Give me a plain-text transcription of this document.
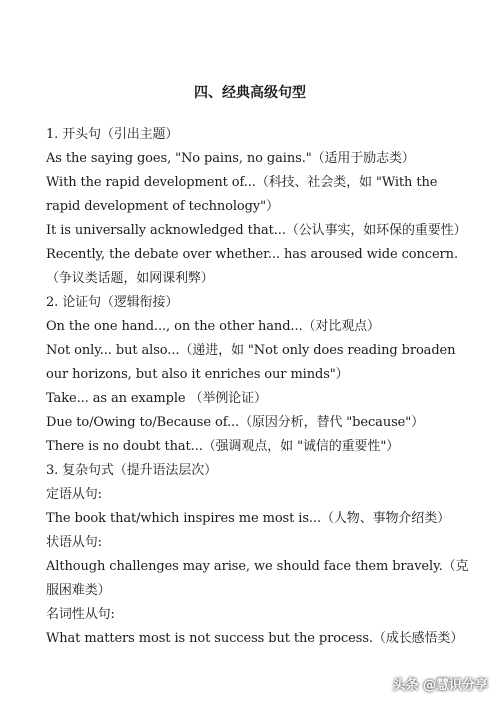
四、经典高级句型
1. 开头句（引出主题）
As the saying goes, "No pains, no gains."（适用于励志类）
With the rapid development of...（科技、社会类，如 "With the
rapid development of technology"）
It is universally acknowledged that...（公认事实，如环保的重要性）
Recently, the debate over whether... has aroused wide concern.
（争议类话题，如网课利弊）
2. 论证句（逻辑衔接）
On the one hand..., on the other hand...（对比观点）
Not only... but also...（递进，如 "Not only does reading broaden
our horizons, but also it enriches our minds"）
Take... as an example （举例论证）
Due to/Owing to/Because of...（原因分析，替代 "because"）
There is no doubt that...（强调观点，如 "诚信的重要性"）
3. 复杂句式（提升语法层次）
定语从句:
The book that/which inspires me most is...（人物、事物介绍类）
状语从句:
Although challenges may arise, we should face them bravely.（克
服困难类）
名词性从句:
What matters most is not success but the process.（成长感悟类）
头条 @慧识分享
